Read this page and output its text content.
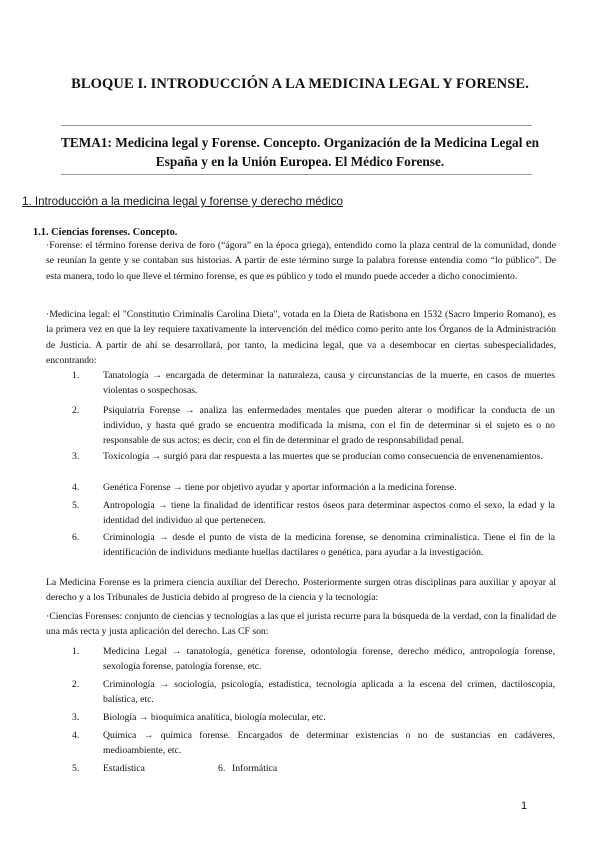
BLOQUE I. INTRODUCCIÓN A LA MEDICINA LEGAL Y FORENSE.
TEMA1: Medicina legal y Forense. Concepto. Organización de la Medicina Legal en España y en la Unión Europea. El Médico Forense.
1. Introducción a la medicina legal y forense y derecho médico
1.1. Ciencias forenses. Concepto.
·Forense: el término forense deriva de foro (“ágora” en la época griega), entendido como la plaza central de la comunidad, donde se reunían la gente y se contaban sus historias. A partir de este término surge la palabra forense entendía como “lo público”. De esta manera, todo lo que lleve el término forense, es que es público y todo el mundo puede acceder a dicho conocimiento.
·Medicina legal: el "Constitutio Criminalis Carolina Dieta", votada en la Dieta de Ratisbona en 1532 (Sacro Imperio Romano), es la primera vez en que la ley requiere taxativamente la intervención del médico como perito ante los Órganos de la Administración de Justicia. A partir de ahí se desarrollará, por tanto, la medicina legal, que va a desembocar en ciertas subespecialidades, encontrando:
1.	Tanatología → encargada de determinar la naturaleza, causa y circunstancias de la muerte, en casos de muertes violentas o sospechosas.
2.	Psiquiatría Forense → analiza las enfermedades mentales que pueden alterar o modificar la conducta de un individuo, y hasta qué grado se encuentra modificada la misma, con el fin de determinar si el sujeto es o no responsable de sus actos; es decir, con el fin de determinar el grado de responsabilidad penal.
3.	Toxicología → surgió para dar respuesta a las muertes que se producían como consecuencia de envenenamientos.
4.	Genética Forense → tiene por objetivo ayudar y aportar información a la medicina forense.
5.	Antropología → tiene la finalidad de identificar restos óseos para determinar aspectos como el sexo, la edad y la identidad del individuo al que pertenecen.
6.	Criminología → desde el punto de vista de la medicina forense, se denomina criminalística. Tiene el fin de la identificación de individuos mediante huellas dactilares o genética, para ayudar a la investigación.
La Medicina Forense es la primera ciencia auxiliar del Derecho. Posteriormente surgen otras disciplinas para auxiliar y apoyar al derecho y a los Tribunales de Justicia debido al progreso de la ciencia y la tecnología:
·Ciencias Forenses: conjunto de ciencias y tecnologías a las que el jurista recurre para la búsqueda de la verdad, con la finalidad de una más recta y justa aplicación del derecho. Las CF son:
1.	Medicina Legal → tanatología, genética forense, odontología forense, derecho médico, antropología forense, sexología forense, patología forense, etc.
2.	Criminología → sociología, psicología, estadística, tecnología aplicada a la escena del crimen, dactiloscopia, balística, etc.
3.	Biología → bioquímica analítica, biología molecular, etc.
4.	Química → química forense. Encargados de determinar existencias o no de sustancias en cadáveres, medioambiente, etc.
5.	Estadística	6. Informática
1
